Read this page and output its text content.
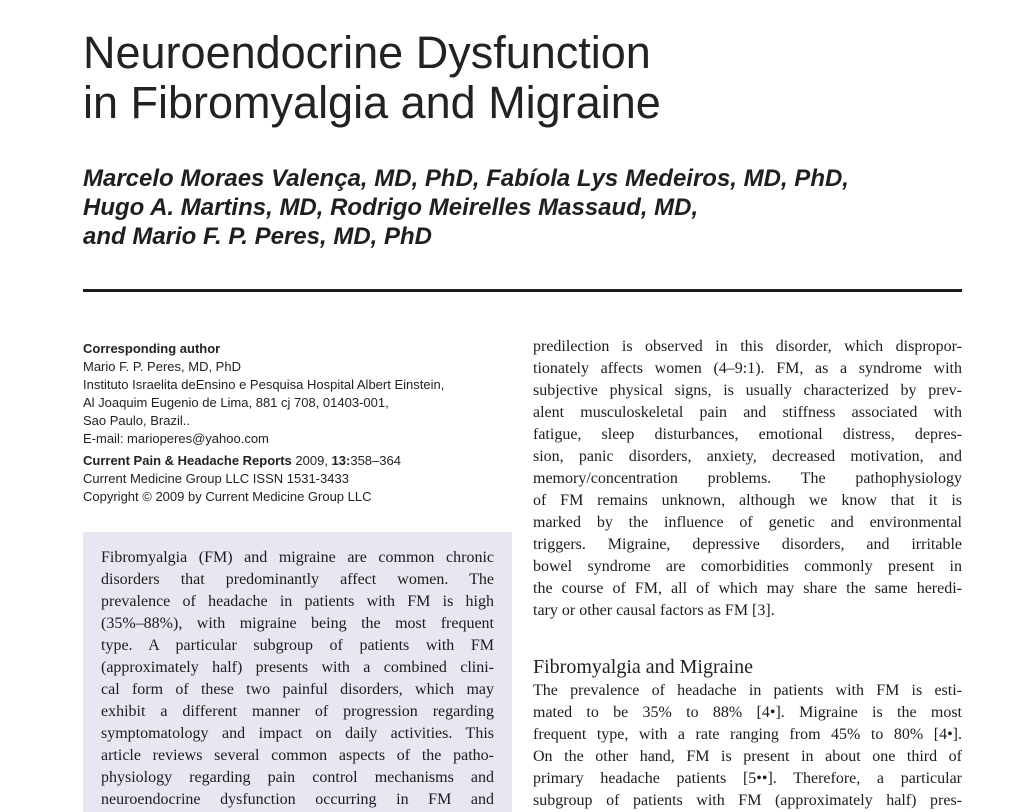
Neuroendocrine Dysfunction
in Fibromyalgia and Migraine
Marcelo Moraes Valença, MD, PhD, Fabíola Lys Medeiros, MD, PhD,
Hugo A. Martins, MD, Rodrigo Meirelles Massaud, MD,
and Mario F. P. Peres, MD, PhD
Corresponding author
Mario F. P. Peres, MD, PhD
Instituto Israelita deEnsino e Pesquisa Hospital Albert Einstein,
Al Joaquim Eugenio de Lima, 881 cj 708, 01403-001,
Sao Paulo, Brazil..
E-mail: marioperes@yahoo.com
Current Pain & Headache Reports 2009, 13:358–364
Current Medicine Group LLC ISSN 1531-3433
Copyright © 2009 by Current Medicine Group LLC
Fibromyalgia (FM) and migraine are common chronic
disorders that predominantly affect women. The
prevalence of headache in patients with FM is high
(35%–88%), with migraine being the most frequent
type. A particular subgroup of patients with FM
(approximately half) presents with a combined clini-
cal form of these two painful disorders, which may
exhibit a different manner of progression regarding
symptomatology and impact on daily activities. This
article reviews several common aspects of the patho-
physiology regarding pain control mechanisms and
neuroendocrine dysfunction occurring in FM and
predilection is observed in this disorder, which dispropor-
tionately affects women (4–9:1). FM, as a syndrome with
subjective physical signs, is usually characterized by prev-
alent musculoskeletal pain and stiffness associated with
fatigue, sleep disturbances, emotional distress, depres-
sion, panic disorders, anxiety, decreased motivation, and
memory/concentration problems. The pathophysiology
of FM remains unknown, although we know that it is
marked by the influence of genetic and environmental
triggers. Migraine, depressive disorders, and irritable
bowel syndrome are comorbidities commonly present in
the course of FM, all of which may share the same heredi-
tary or other causal factors as FM [3].
Fibromyalgia and Migraine
The prevalence of headache in patients with FM is esti-
mated to be 35% to 88% [4•]. Migraine is the most
frequent type, with a rate ranging from 45% to 80% [4•].
On the other hand, FM is present in about one third of
primary headache patients [5••]. Therefore, a particular
subgroup of patients with FM (approximately half) pres-
